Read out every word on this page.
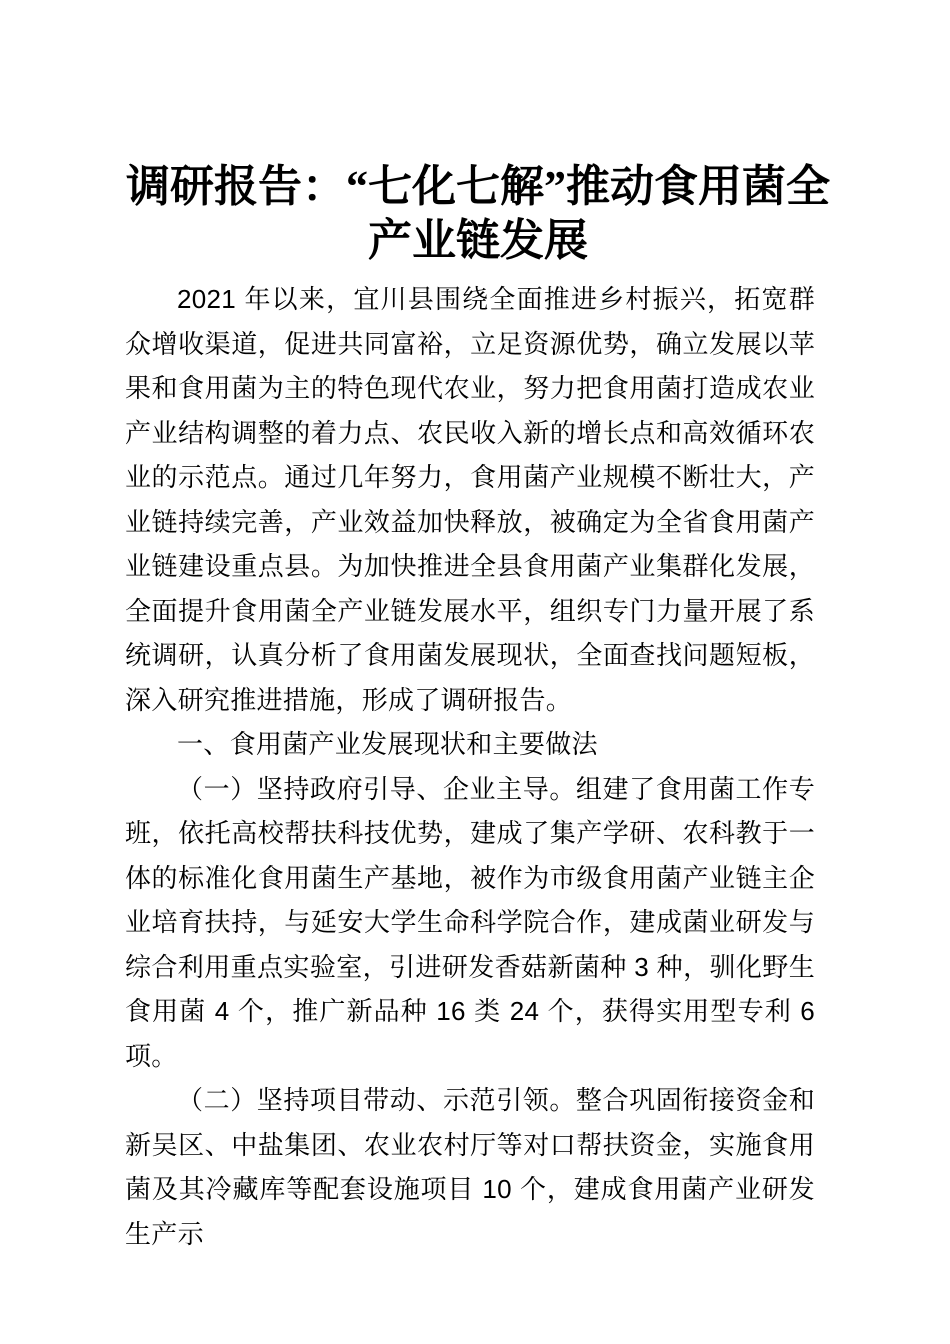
调研报告：“七化七解”推动食用菌全产业链发展

2021 年以来，宜川县围绕全面推进乡村振兴，拓宽群众增收渠道，促进共同富裕，立足资源优势，确立发展以苹果和食用菌为主的特色现代农业，努力把食用菌打造成农业产业结构调整的着力点、农民收入新的增长点和高效循环农业的示范点。通过几年努力，食用菌产业规模不断壮大，产业链持续完善，产业效益加快释放，被确定为全省食用菌产业链建设重点县。为加快推进全县食用菌产业集群化发展，全面提升食用菌全产业链发展水平，组织专门力量开展了系统调研，认真分析了食用菌发展现状，全面查找问题短板，深入研究推进措施，形成了调研报告。

一、食用菌产业发展现状和主要做法

（一）坚持政府引导、企业主导。组建了食用菌工作专班，依托高校帮扶科技优势，建成了集产学研、农科教于一体的标准化食用菌生产基地，被作为市级食用菌产业链主企业培育扶持，与延安大学生命科学院合作，建成菌业研发与综合利用重点实验室，引进研发香菇新菌种 3 种，驯化野生食用菌 4 个，推广新品种 16 类 24 个，获得实用型专利 6 项。

（二）坚持项目带动、示范引领。整合巩固衔接资金和新吴区、中盐集团、农业农村厅等对口帮扶资金，实施食用菌及其冷藏库等配套设施项目 10 个，建成食用菌产业研发生产示
